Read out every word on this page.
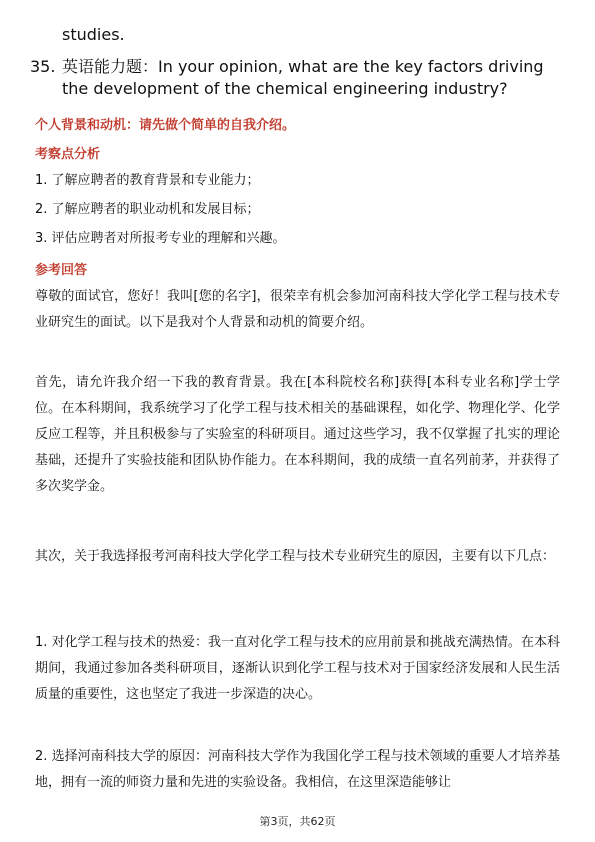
studies.
35. 英语能力题：In your opinion, what are the key factors driving the development of the chemical engineering industry?
个人背景和动机：请先做个简单的自我介绍。
考察点分析
1. 了解应聘者的教育背景和专业能力；
2. 了解应聘者的职业动机和发展目标；
3. 评估应聘者对所报考专业的理解和兴趣。
参考回答
尊敬的面试官，您好！我叫[您的名字]，很荣幸有机会参加河南科技大学化学工程与技术专业研究生的面试。以下是我对个人背景和动机的简要介绍。
首先，请允许我介绍一下我的教育背景。我在[本科院校名称]获得[本科专业名称]学士学位。在本科期间，我系统学习了化学工程与技术相关的基础课程，如化学、物理化学、化学反应工程等，并且积极参与了实验室的科研项目。通过这些学习，我不仅掌握了扎实的理论基础，还提升了实验技能和团队协作能力。在本科期间，我的成绩一直名列前茅，并获得了多次奖学金。
其次，关于我选择报考河南科技大学化学工程与技术专业研究生的原因，主要有以下几点：
1. 对化学工程与技术的热爱：我一直对化学工程与技术的应用前景和挑战充满热情。在本科期间，我通过参加各类科研项目，逐渐认识到化学工程与技术对于国家经济发展和人民生活质量的重要性，这也坚定了我进一步深造的决心。
2. 选择河南科技大学的原因：河南科技大学作为我国化学工程与技术领域的重要人才培养基地，拥有一流的师资力量和先进的实验设备。我相信，在这里深造能够让
第3页，共62页
